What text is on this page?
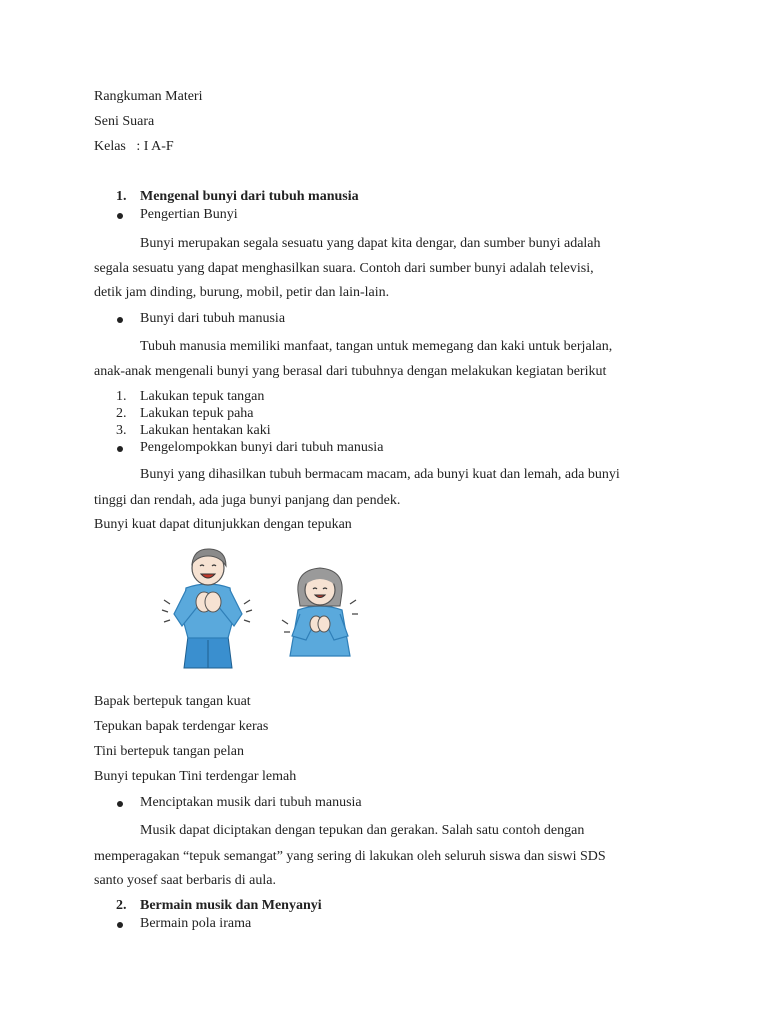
Rangkuman Materi
Seni Suara
Kelas   : I A-F
1. Mengenal bunyi dari tubuh manusia
Pengertian Bunyi
Bunyi merupakan segala sesuatu yang dapat kita dengar, dan sumber bunyi adalah
segala sesuatu yang dapat menghasilkan suara. Contoh dari sumber bunyi adalah televisi,
detik jam dinding, burung, mobil, petir dan lain-lain.
Bunyi dari tubuh manusia
Tubuh manusia memiliki manfaat, tangan untuk memegang dan kaki untuk berjalan,
anak-anak mengenali bunyi yang berasal dari tubuhnya dengan melakukan kegiatan berikut
1. Lakukan tepuk tangan
2. Lakukan tepuk paha
3. Lakukan hentakan kaki
Pengelompokkan bunyi dari tubuh manusia
Bunyi yang dihasilkan tubuh bermacam macam, ada bunyi kuat dan lemah, ada bunyi
tinggi dan rendah, ada juga bunyi panjang dan pendek.
Bunyi kuat dapat ditunjukkan dengan tepukan
Bapak bertepuk tangan kuat
Tepukan bapak terdengar keras
Tini bertepuk tangan pelan
Bunyi tepukan Tini terdengar lemah
Menciptakan musik dari tubuh manusia
Musik dapat diciptakan dengan tepukan dan gerakan. Salah satu contoh dengan
memperagakan “tepuk semangat” yang sering di lakukan oleh seluruh siswa dan siswi SDS
santo yosef saat berbaris di aula.
2. Bermain musik dan Menyanyi
Bermain pola irama
